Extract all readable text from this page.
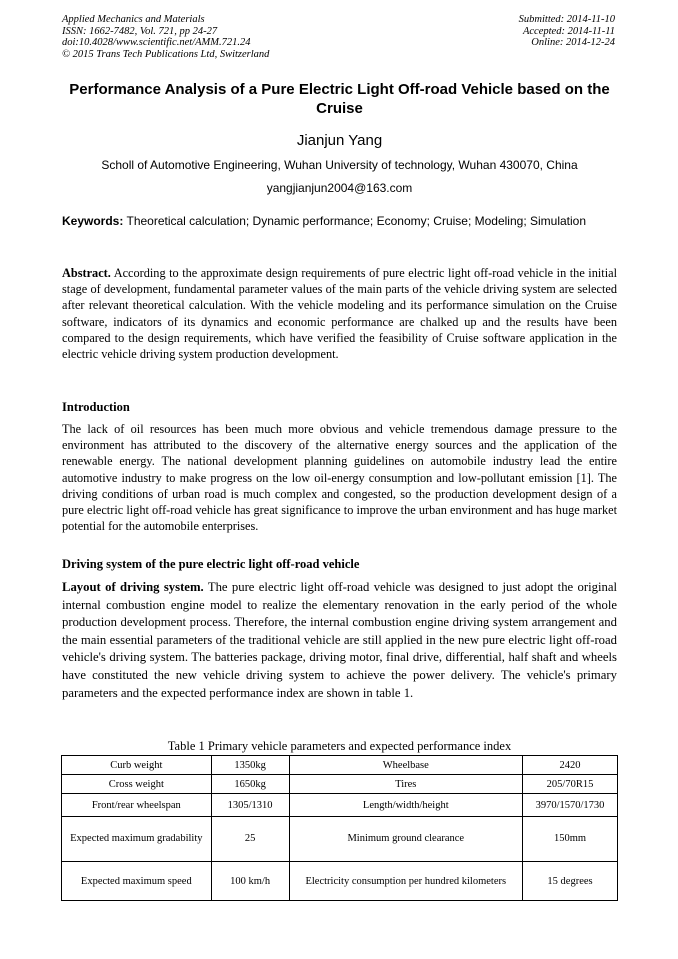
Applied Mechanics and Materials
ISSN: 1662-7482, Vol. 721, pp 24-27
doi:10.4028/www.scientific.net/AMM.721.24
© 2015 Trans Tech Publications Ltd, Switzerland
Submitted: 2014-11-10
Accepted: 2014-11-11
Online: 2014-12-24
Performance Analysis of a Pure Electric Light Off-road Vehicle based on the Cruise
Jianjun Yang
Scholl of Automotive Engineering, Wuhan University of technology, Wuhan 430070, China
yangjianjun2004@163.com
Keywords: Theoretical calculation; Dynamic performance; Economy; Cruise; Modeling; Simulation
Abstract. According to the approximate design requirements of pure electric light off-road vehicle in the initial stage of development, fundamental parameter values of the main parts of the vehicle driving system are selected after relevant theoretical calculation. With the vehicle modeling and its performance simulation on the Cruise software, indicators of its dynamics and economic performance are chalked up and the results have been compared to the design requirements, which have verified the feasibility of Cruise software application in the electric vehicle driving system production development.
Introduction
The lack of oil resources has been much more obvious and vehicle tremendous damage pressure to the environment has attributed to the discovery of the alternative energy sources and the application of the renewable energy. The national development planning guidelines on automobile industry lead the entire automotive industry to make progress on the low oil-energy consumption and low-pollutant emission [1]. The driving conditions of urban road is much complex and congested, so the production development design of a pure electric light off-road vehicle has great significance to improve the urban environment and has huge market potential for the automobile enterprises.
Driving system of the pure electric light off-road vehicle
Layout of driving system. The pure electric light off-road vehicle was designed to just adopt the original internal combustion engine model to realize the elementary renovation in the early period of the whole production development process. Therefore, the internal combustion engine driving system arrangement and the main essential parameters of the traditional vehicle are still applied in the new pure electric light off-road vehicle's driving system. The batteries package, driving motor, final drive, differential, half shaft and wheels have constituted the new vehicle driving system to achieve the power delivery. The vehicle's primary parameters and the expected performance index are shown in table 1.
Table 1 Primary vehicle parameters and expected performance index
Curb weight	1350kg	Wheelbase	2420
Cross weight	1650kg	Tires	205/70R15
Front/rear wheelspan	1305/1310	Length/width/height	3970/1570/1730
Expected maximum gradability	25	Minimum ground clearance	150mm
Expected maximum speed	100 km/h	Electricity consumption per hundred kilometers	15 degrees
